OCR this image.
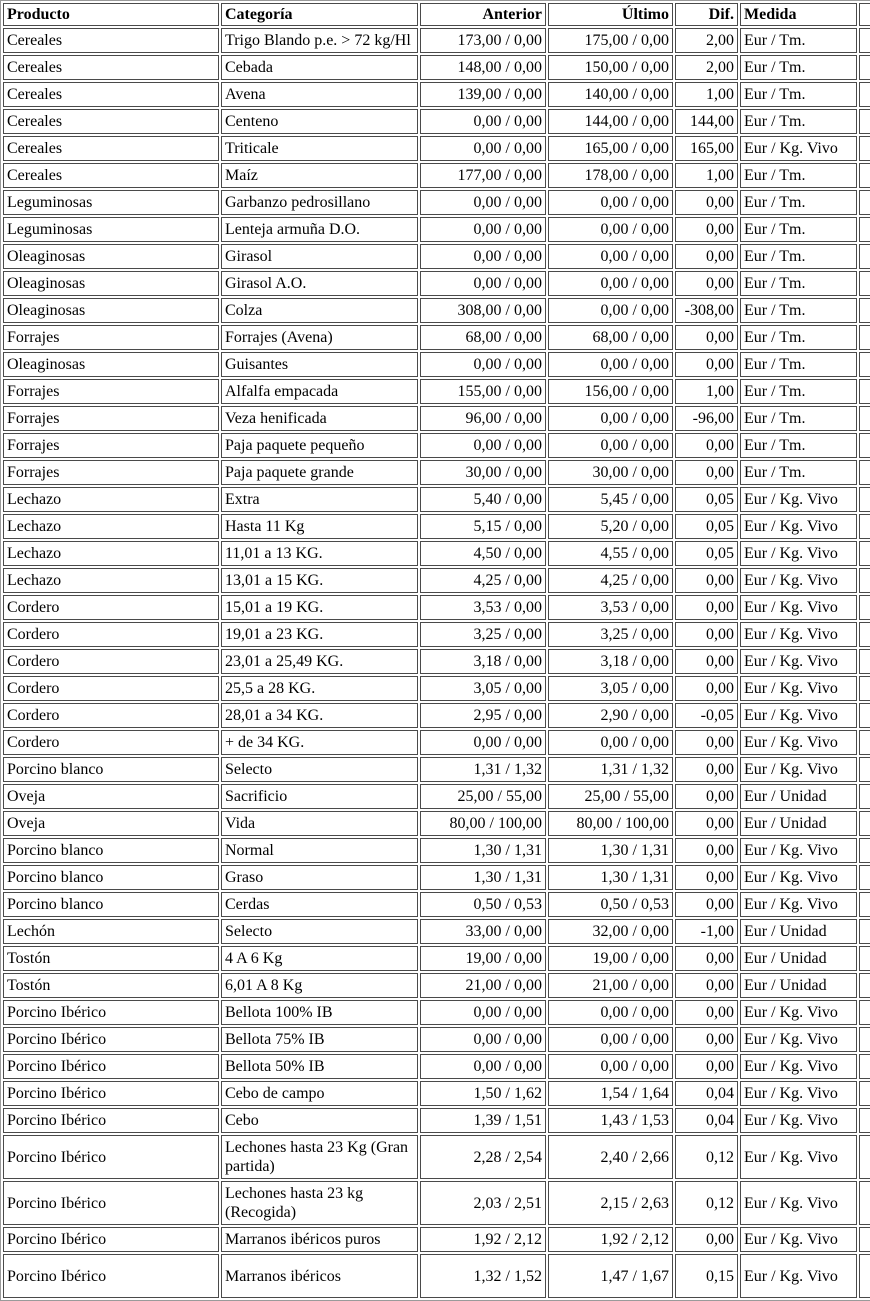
Producto	Categoría	Anterior	Último	Dif.	Medida	
Cereales	Trigo Blando p.e. > 72 kg/Hl	173,00 / 0,00	175,00 / 0,00	2,00	Eur / Tm.	
Cereales	Cebada	148,00 / 0,00	150,00 / 0,00	2,00	Eur / Tm.	
Cereales	Avena	139,00 / 0,00	140,00 / 0,00	1,00	Eur / Tm.	
Cereales	Centeno	0,00 / 0,00	144,00 / 0,00	144,00	Eur / Tm.	
Cereales	Triticale	0,00 / 0,00	165,00 / 0,00	165,00	Eur / Kg. Vivo	
Cereales	Maíz	177,00 / 0,00	178,00 / 0,00	1,00	Eur / Tm.	
Leguminosas	Garbanzo pedrosillano	0,00 / 0,00	0,00 / 0,00	0,00	Eur / Tm.	
Leguminosas	Lenteja armuña D.O.	0,00 / 0,00	0,00 / 0,00	0,00	Eur / Tm.	
Oleaginosas	Girasol	0,00 / 0,00	0,00 / 0,00	0,00	Eur / Tm.	
Oleaginosas	Girasol A.O.	0,00 / 0,00	0,00 / 0,00	0,00	Eur / Tm.	
Oleaginosas	Colza	308,00 / 0,00	0,00 / 0,00	-308,00	Eur / Tm.	
Forrajes	Forrajes (Avena)	68,00 / 0,00	68,00 / 0,00	0,00	Eur / Tm.	
Oleaginosas	Guisantes	0,00 / 0,00	0,00 / 0,00	0,00	Eur / Tm.	
Forrajes	Alfalfa empacada	155,00 / 0,00	156,00 / 0,00	1,00	Eur / Tm.	
Forrajes	Veza henificada	96,00 / 0,00	0,00 / 0,00	-96,00	Eur / Tm.	
Forrajes	Paja paquete pequeño	0,00 / 0,00	0,00 / 0,00	0,00	Eur / Tm.	
Forrajes	Paja paquete grande	30,00 / 0,00	30,00 / 0,00	0,00	Eur / Tm.	
Lechazo	Extra	5,40 / 0,00	5,45 / 0,00	0,05	Eur / Kg. Vivo	
Lechazo	Hasta 11 Kg	5,15 / 0,00	5,20 / 0,00	0,05	Eur / Kg. Vivo	
Lechazo	11,01 a 13 KG.	4,50 / 0,00	4,55 / 0,00	0,05	Eur / Kg. Vivo	
Lechazo	13,01 a 15 KG.	4,25 / 0,00	4,25 / 0,00	0,00	Eur / Kg. Vivo	
Cordero	15,01 a 19 KG.	3,53 / 0,00	3,53 / 0,00	0,00	Eur / Kg. Vivo	
Cordero	19,01 a 23 KG.	3,25 / 0,00	3,25 / 0,00	0,00	Eur / Kg. Vivo	
Cordero	23,01 a 25,49 KG.	3,18 / 0,00	3,18 / 0,00	0,00	Eur / Kg. Vivo	
Cordero	25,5 a 28 KG.	3,05 / 0,00	3,05 / 0,00	0,00	Eur / Kg. Vivo	
Cordero	28,01 a 34 KG.	2,95 / 0,00	2,90 / 0,00	-0,05	Eur / Kg. Vivo	
Cordero	+ de 34 KG.	0,00 / 0,00	0,00 / 0,00	0,00	Eur / Kg. Vivo	
Porcino blanco	Selecto	1,31 / 1,32	1,31 / 1,32	0,00	Eur / Kg. Vivo	
Oveja	Sacrificio	25,00 / 55,00	25,00 / 55,00	0,00	Eur / Unidad	
Oveja	Vida	80,00 / 100,00	80,00 / 100,00	0,00	Eur / Unidad	
Porcino blanco	Normal	1,30 / 1,31	1,30 / 1,31	0,00	Eur / Kg. Vivo	
Porcino blanco	Graso	1,30 / 1,31	1,30 / 1,31	0,00	Eur / Kg. Vivo	
Porcino blanco	Cerdas	0,50 / 0,53	0,50 / 0,53	0,00	Eur / Kg. Vivo	
Lechón	Selecto	33,00 / 0,00	32,00 / 0,00	-1,00	Eur / Unidad	
Tostón	4 A 6 Kg	19,00 / 0,00	19,00 / 0,00	0,00	Eur / Unidad	
Tostón	6,01 A 8 Kg	21,00 / 0,00	21,00 / 0,00	0,00	Eur / Unidad	
Porcino Ibérico	Bellota 100% IB	0,00 / 0,00	0,00 / 0,00	0,00	Eur / Kg. Vivo	
Porcino Ibérico	Bellota 75% IB	0,00 / 0,00	0,00 / 0,00	0,00	Eur / Kg. Vivo	
Porcino Ibérico	Bellota 50% IB	0,00 / 0,00	0,00 / 0,00	0,00	Eur / Kg. Vivo	
Porcino Ibérico	Cebo de campo	1,50 / 1,62	1,54 / 1,64	0,04	Eur / Kg. Vivo	
Porcino Ibérico	Cebo	1,39 / 1,51	1,43 / 1,53	0,04	Eur / Kg. Vivo	
Porcino Ibérico	Lechones hasta 23 Kg (Gran partida)	2,28 / 2,54	2,40 / 2,66	0,12	Eur / Kg. Vivo	
Porcino Ibérico	Lechones hasta 23 kg (Recogida)	2,03 / 2,51	2,15 / 2,63	0,12	Eur / Kg. Vivo	
Porcino Ibérico	Marranos ibéricos puros	1,92 / 2,12	1,92 / 2,12	0,00	Eur / Kg. Vivo	
Porcino Ibérico	Marranos ibéricos	1,32 / 1,52	1,47 / 1,67	0,15	Eur / Kg. Vivo	
